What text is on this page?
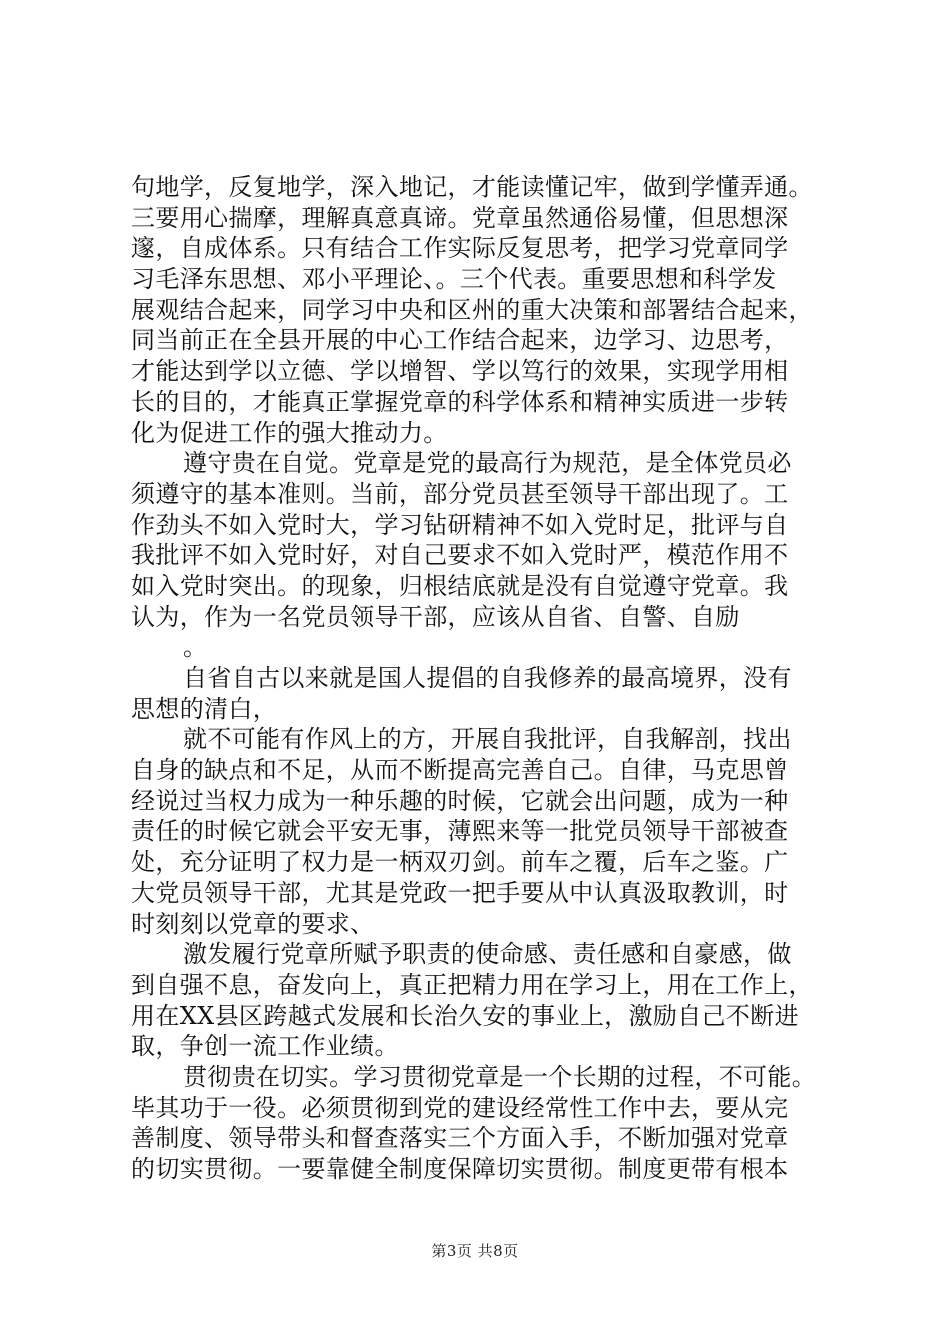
句地学，反复地学，深入地记，才能读懂记牢，做到学懂弄通。
三要用心揣摩，理解真意真谛。党章虽然通俗易懂，但思想深
邃，自成体系。只有结合工作实际反复思考，把学习党章同学
习毛泽东思想、邓小平理论、。三个代表。重要思想和科学发
展观结合起来，同学习中央和区州的重大决策和部署结合起来，
同当前正在全县开展的中心工作结合起来，边学习、边思考，
才能达到学以立德、学以增智、学以笃行的效果，实现学用相
长的目的，才能真正掌握党章的科学体系和精神实质进一步转
化为促进工作的强大推动力。
遵守贵在自觉。党章是党的最高行为规范，是全体党员必
须遵守的基本准则。当前，部分党员甚至领导干部出现了。工
作劲头不如入党时大，学习钻研精神不如入党时足，批评与自
我批评不如入党时好，对自己要求不如入党时严，模范作用不
如入党时突出。的现象，归根结底就是没有自觉遵守党章。我
认为，作为一名党员领导干部，应该从自省、自警、自励
。
自省自古以来就是国人提倡的自我修养的最高境界，没有
思想的清白，
就不可能有作风上的方，开展自我批评，自我解剖，找出
自身的缺点和不足，从而不断提高完善自己。自律，马克思曾
经说过当权力成为一种乐趣的时候，它就会出问题，成为一种
责任的时候它就会平安无事，薄熙来等一批党员领导干部被查
处，充分证明了权力是一柄双刃剑。前车之覆，后车之鉴。广
大党员领导干部，尤其是党政一把手要从中认真汲取教训，时
时刻刻以党章的要求、
激发履行党章所赋予职责的使命感、责任感和自豪感，做
到自强不息，奋发向上，真正把精力用在学习上，用在工作上，
用在XX县区跨越式发展和长治久安的事业上，激励自己不断进
取，争创一流工作业绩。
贯彻贵在切实。学习贯彻党章是一个长期的过程，不可能。
毕其功于一役。必须贯彻到党的建设经常性工作中去，要从完
善制度、领导带头和督查落实三个方面入手，不断加强对党章
的切实贯彻。一要靠健全制度保障切实贯彻。制度更带有根本
第3页 共8页
